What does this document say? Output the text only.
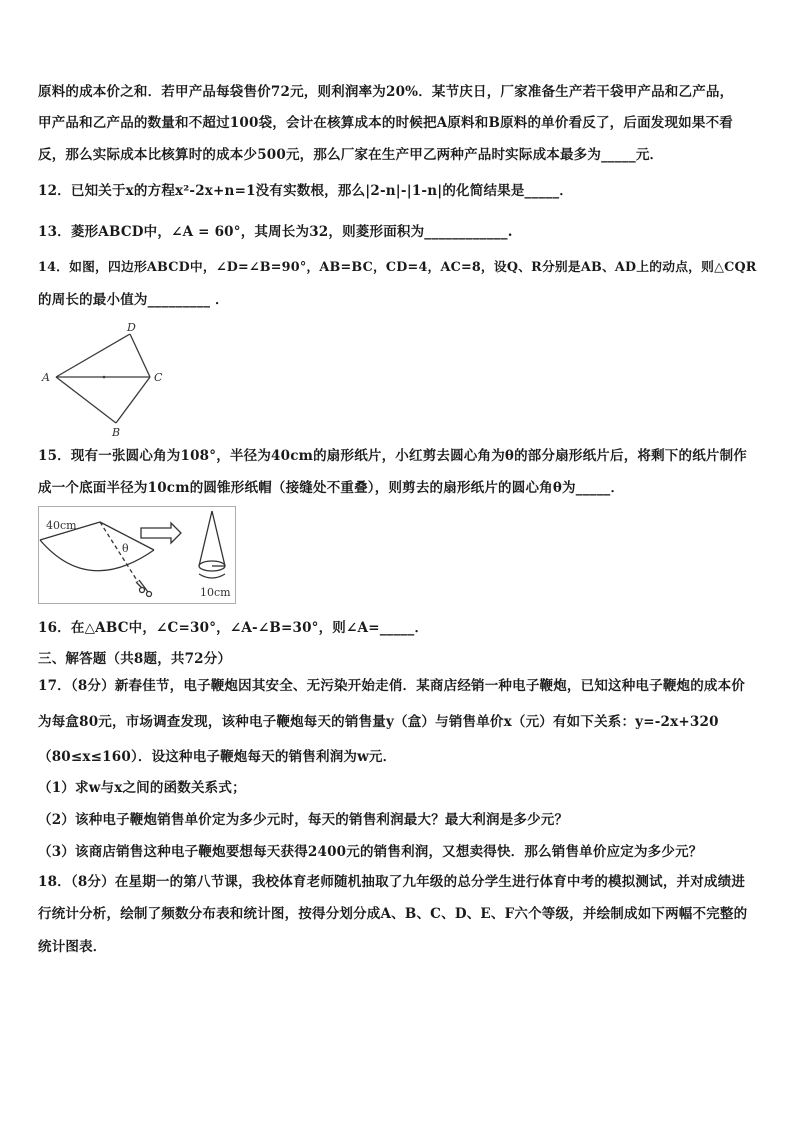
原料的成本价之和．若甲产品每袋售价72元，则利润率为20%．某节庆日，厂家准备生产若干袋甲产品和乙产品，
甲产品和乙产品的数量和不超过100袋，会计在核算成本的时候把A原料和B原料的单价看反了，后面发现如果不看
反，那么实际成本比核算时的成本少500元，那么厂家在生产甲乙两种产品时实际成本最多为_____元．
12．已知关于x的方程x²-2x+n=1没有实数根，那么|2-n|-|1-n|的化简结果是_____．
13．菱形ABCD中，∠A = 60°，其周长为32，则菱形面积为____________.
14．如图，四边形ABCD中，∠D=∠B=90°，AB=BC，CD=4，AC=8，设Q、R分别是AB、AD上的动点，则△CQR
的周长的最小值为_________ ．
A
B
C
D
15．现有一张圆心角为108°，半径为40cm的扇形纸片，小红剪去圆心角为θ的部分扇形纸片后，将剩下的纸片制作
成一个底面半径为10cm的圆锥形纸帽（接缝处不重叠），则剪去的扇形纸片的圆心角θ为_____．
40cm
θ
10cm
16．在△ABC中，∠C=30°，∠A-∠B=30°，则∠A=_____．
三、解答题（共8题，共72分）
17．（8分）新春佳节，电子鞭炮因其安全、无污染开始走俏．某商店经销一种电子鞭炮，已知这种电子鞭炮的成本价
为每盒80元，市场调查发现，该种电子鞭炮每天的销售量y（盒）与销售单价x（元）有如下关系：y=-2x+320
（80≤x≤160）．设这种电子鞭炮每天的销售利润为w元．
（1）求w与x之间的函数关系式；
（2）该种电子鞭炮销售单价定为多少元时，每天的销售利润最大？最大利润是多少元？
（3）该商店销售这种电子鞭炮要想每天获得2400元的销售利润，又想卖得快．那么销售单价应定为多少元？
18．（8分）在星期一的第八节课，我校体育老师随机抽取了九年级的总分学生进行体育中考的模拟测试，并对成绩进
行统计分析，绘制了频数分布表和统计图，按得分划分成A、B、C、D、E、F六个等级，并绘制成如下两幅不完整的
统计图表．
